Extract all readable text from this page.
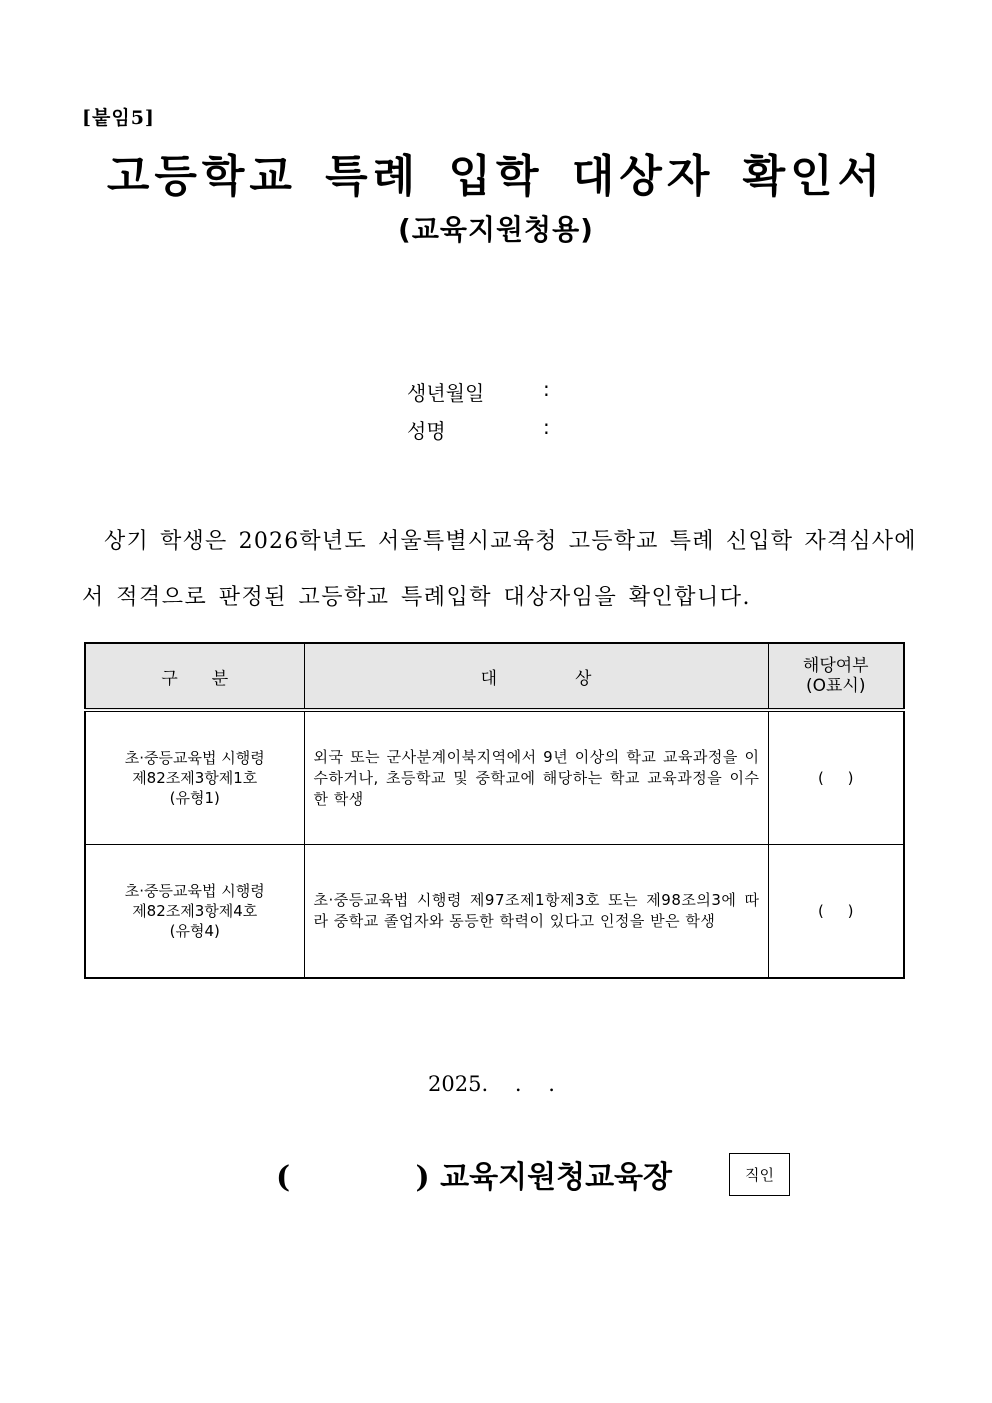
[붙임5]
고등학교 특례 입학 대상자 확인서
(교육지원청용)
생년월일	:
성명	:
상기 학생은 2026학년도 서울특별시교육청 고등학교 특례 신입학 자격심사에
서 적격으로 판정된 고등학교 특례입학 대상자임을 확인합니다.
구분	대상	해당여부
(O표시)

초·중등교육법 시행령
제82조제3항제1호
(유형1)	외국 또는 군사분계이북지역에서 9년 이상의 학교 교육과정을 이수하거나, 초등학교 및 중학교에 해당하는 학교 교육과정을 이수한 학생	(     )

초·중등교육법 시행령
제82조제3항제4호
(유형4)	초·중등교육법 시행령 제97조제1항제3호 또는 제98조의3에 따라 중학교 졸업자와 동등한 학력이 있다고 인정을 받은 학생	(     )
2025.    .    .
(            ) 교육지원청교육장	직인
